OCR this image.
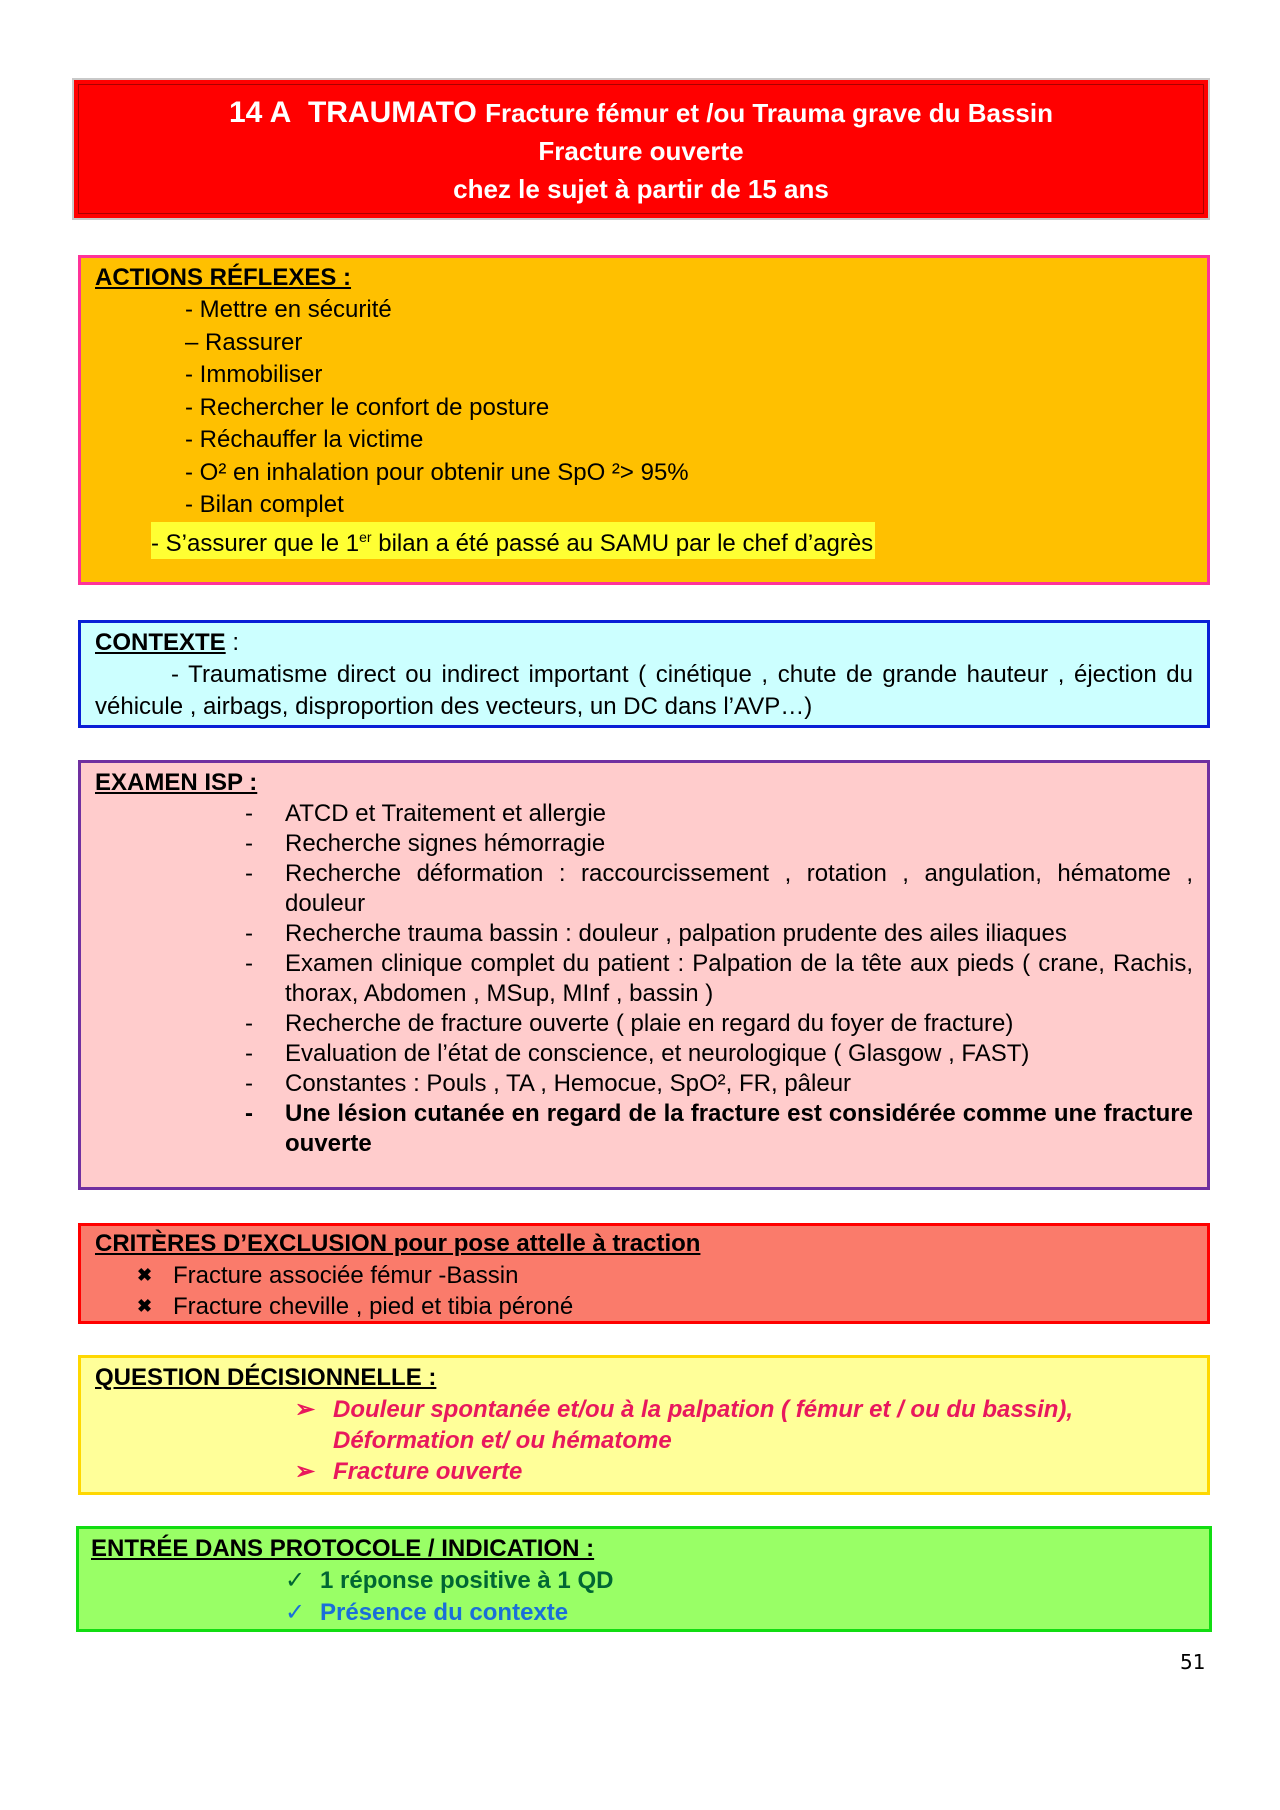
14 A TRAUMATO Fracture fémur et /ou Trauma grave du Bassin
Fracture ouverte
chez le sujet à partir de 15 ans
ACTIONS RÉFLEXES :
- Mettre en sécurité
– Rassurer
- Immobiliser
- Rechercher le confort de posture
- Réchauffer la victime
- O² en inhalation pour obtenir une SpO ²> 95%
- Bilan complet
- S’assurer que le 1er bilan a été passé au SAMU par le chef d’agrès
CONTEXTE :
- Traumatisme direct ou indirect important ( cinétique , chute de grande hauteur , éjection du véhicule , airbags, disproportion des vecteurs, un DC dans l’AVP…)
EXAMEN ISP :
- ATCD et Traitement et allergie
- Recherche signes hémorragie
- Recherche déformation : raccourcissement , rotation , angulation, hématome , douleur
- Recherche trauma bassin : douleur , palpation prudente des ailes iliaques
- Examen clinique complet du patient : Palpation de la tête aux pieds ( crane, Rachis, thorax, Abdomen , MSup, MInf , bassin )
- Recherche de fracture ouverte ( plaie en regard du foyer de fracture)
- Evaluation de l’état de conscience, et neurologique ( Glasgow , FAST)
- Constantes : Pouls , TA , Hemocue, SpO², FR, pâleur
- Une lésion cutanée en regard de la fracture est considérée comme une fracture ouverte
CRITÈRES D’EXCLUSION pour pose attelle à traction
✖ Fracture associée fémur -Bassin
✖ Fracture cheville , pied et tibia péroné
QUESTION DÉCISIONNELLE :
➢ Douleur spontanée et/ou à la palpation ( fémur et / ou du bassin), Déformation et/ ou hématome
➢ Fracture ouverte
ENTRÉE DANS PROTOCOLE / INDICATION :
✓ 1 réponse positive à 1 QD
✓ Présence du contexte
51
